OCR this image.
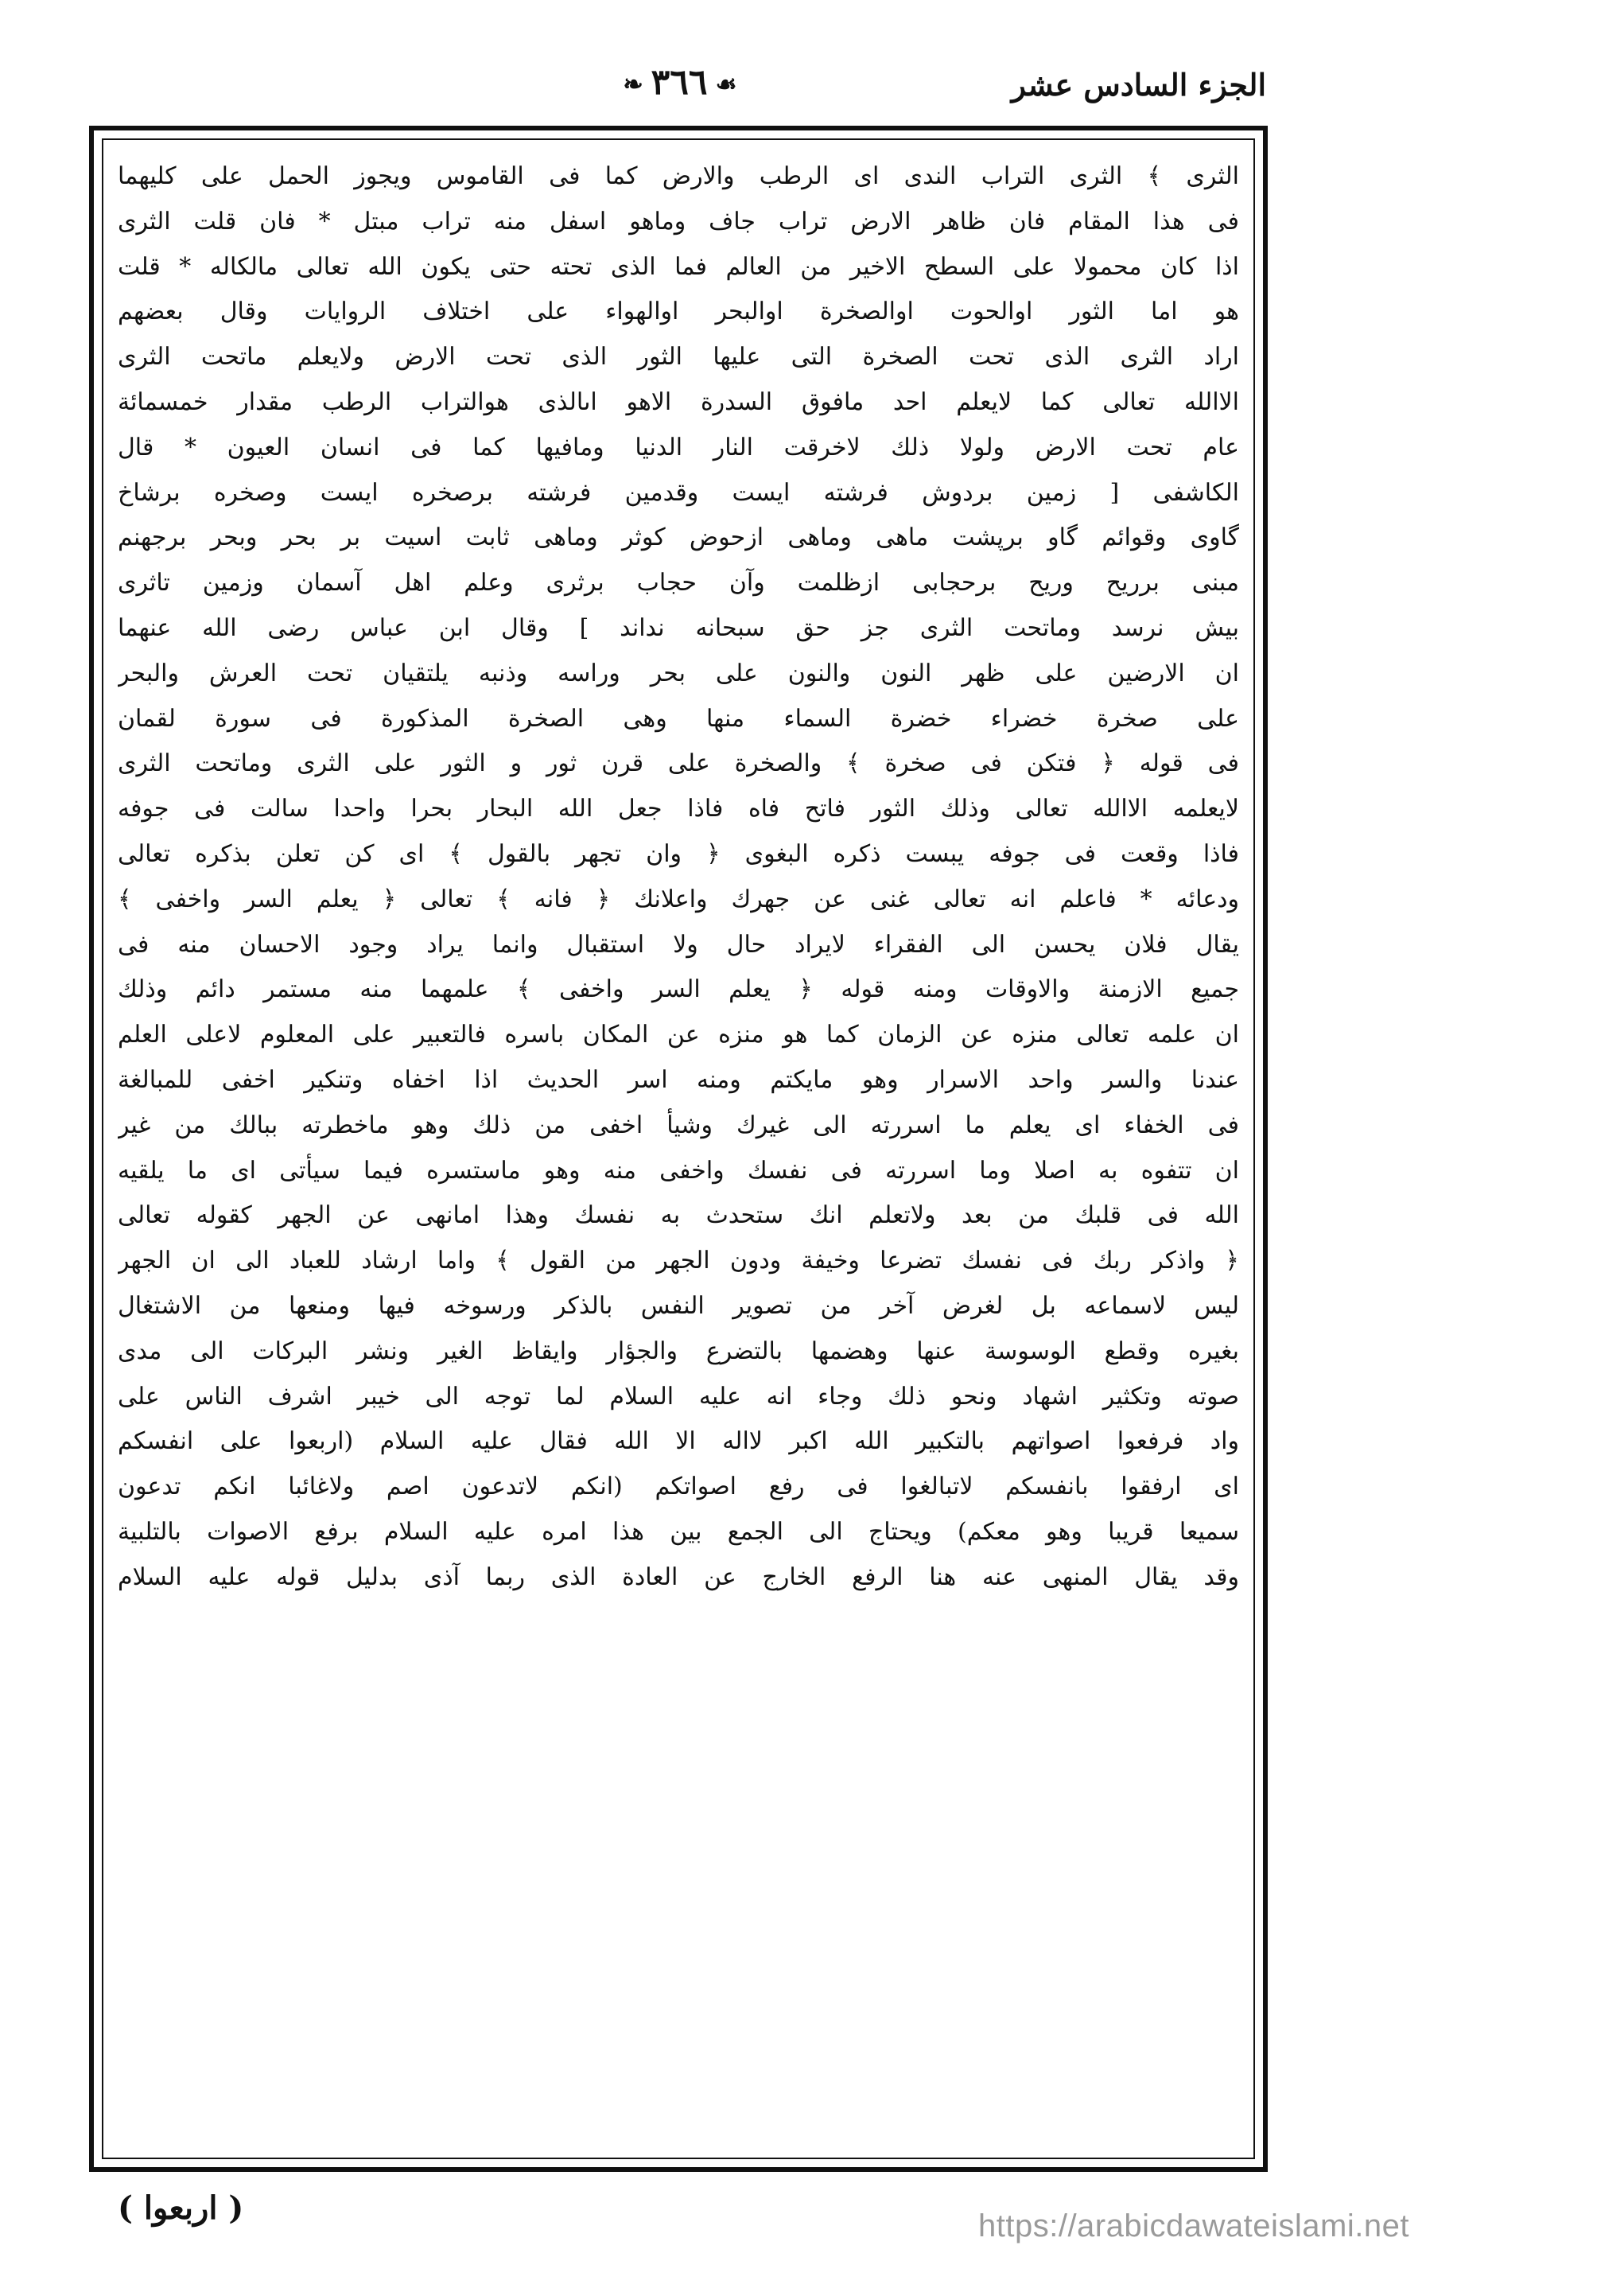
الجزء السادس عشر
☙٣٦٦❧
الثرى ﴾ الثرى التراب الندى اى الرطب والارض كما فى القاموس ويجوز الحمل على كليهما
فى هذا المقام فان ظاهر الارض تراب جاف وماهو اسفل منه تراب مبتل * فان قلت الثرى
اذا كان محمولا على السطح الاخير من العالم فما الذى تحته حتى يكون الله تعالى مالكاله * قلت
هو اما الثور اوالحوت اوالصخرة اوالبحر اوالهواء على اختلاف الروايات وقال بعضهم
اراد الثرى الذى تحت الصخرة التى عليها الثور الذى تحت الارض ولايعلم ماتحت الثرى
الاالله تعالى كما لايعلم احد مافوق السدرة الاهو اىالذى هوالتراب الرطب مقدار خمسمائة
عام تحت الارض ولولا ذلك لاخرقت النار الدنيا ومافيها كما فى انسان العيون * قال
الكاشفى [ زمين بردوش فرشته ايست وقدمين فرشته برصخره ايست وصخره برشاخ
گاوى وقوائم گاو برپشت ماهى وماهى ازحوض كوثر وماهى ثابت اسيت بر بحر وبحر برجهنم
مبنى برريح وريح برحجابى ازظلمت وآن حجاب برثرى وعلم اهل آسمان وزمين تاثرى
بيش نرسد وماتحت الثرى جز حق سبحانه نداند ] وقال ابن عباس رضى الله عنهما
ان الارضين على ظهر النون والنون على بحر وراسه وذنبه يلتقيان تحت العرش والبحر
على صخرة خضراء خضرة السماء منها وهى الصخرة المذكورة فى سورة لقمان
فى قوله ﴿ فتكن فى صخرة ﴾ والصخرة على قرن ثور و الثور على الثرى وماتحت الثرى
لايعلمه الاالله تعالى وذلك الثور فاتح فاه فاذا جعل الله البحار بحرا واحدا سالت فى جوفه
فاذا وقعت فى جوفه يبست ذكره البغوى ﴿ وان تجهر بالقول ﴾ اى كن تعلن بذكره تعالى
ودعائه * فاعلم انه تعالى غنى عن جهرك واعلانك ﴿ فانه ﴾ تعالى ﴿ يعلم السر واخفى ﴾
يقال فلان يحسن الى الفقراء لايراد حال ولا استقبال وانما يراد وجود الاحسان منه فى
جميع الازمنة والاوقات ومنه قوله ﴿ يعلم السر واخفى ﴾ علمهما منه مستمر دائم وذلك
ان علمه تعالى منزه عن الزمان كما هو منزه عن المكان باسره فالتعبير على المعلوم لاعلى العلم
عندنا والسر واحد الاسرار وهو مايكتم ومنه اسر الحديث اذا اخفاه وتنكير اخفى للمبالغة
فى الخفاء اى يعلم ما اسررته الى غيرك وشيأ اخفى من ذلك وهو ماخطرته ببالك من غير
ان تتفوه به اصلا وما اسررته فى نفسك واخفى منه وهو ماستسره فيما سيأتى اى ما يلقيه
الله فى قلبك من بعد ولاتعلم انك ستحدث به نفسك وهذا امانهى عن الجهر كقوله تعالى
﴿ واذكر ربك فى نفسك تضرعا وخيفة ودون الجهر من القول ﴾ واما ارشاد للعباد الى ان الجهر
ليس لاسماعه بل لغرض آخر من تصوير النفس بالذكر ورسوخه فيها ومنعها من الاشتغال
بغيره وقطع الوسوسة عنها وهضمها بالتضرع والجؤار وايقاظ الغير ونشر البركات الى مدى
صوته وتكثير اشهاد ونحو ذلك وجاء انه عليه السلام لما توجه الى خيبر اشرف الناس على
واد فرفعوا اصواتهم بالتكبير الله اكبر لااله الا الله فقال عليه السلام (اربعوا على انفسكم
اى ارفقوا بانفسكم لاتبالغوا فى رفع اصواتكم (انكم لاتدعون اصم ولاغائبا انكم تدعون
سميعا قريبا وهو معكم) ويحتاج الى الجمع بين هذا امره عليه السلام برفع الاصوات بالتلبية
وقد يقال المنهى عنه هنا الرفع الخارج عن العادة الذى ربما آذى بدليل قوله عليه السلام
( اربعوا )	https://arabicdawateislami.net
